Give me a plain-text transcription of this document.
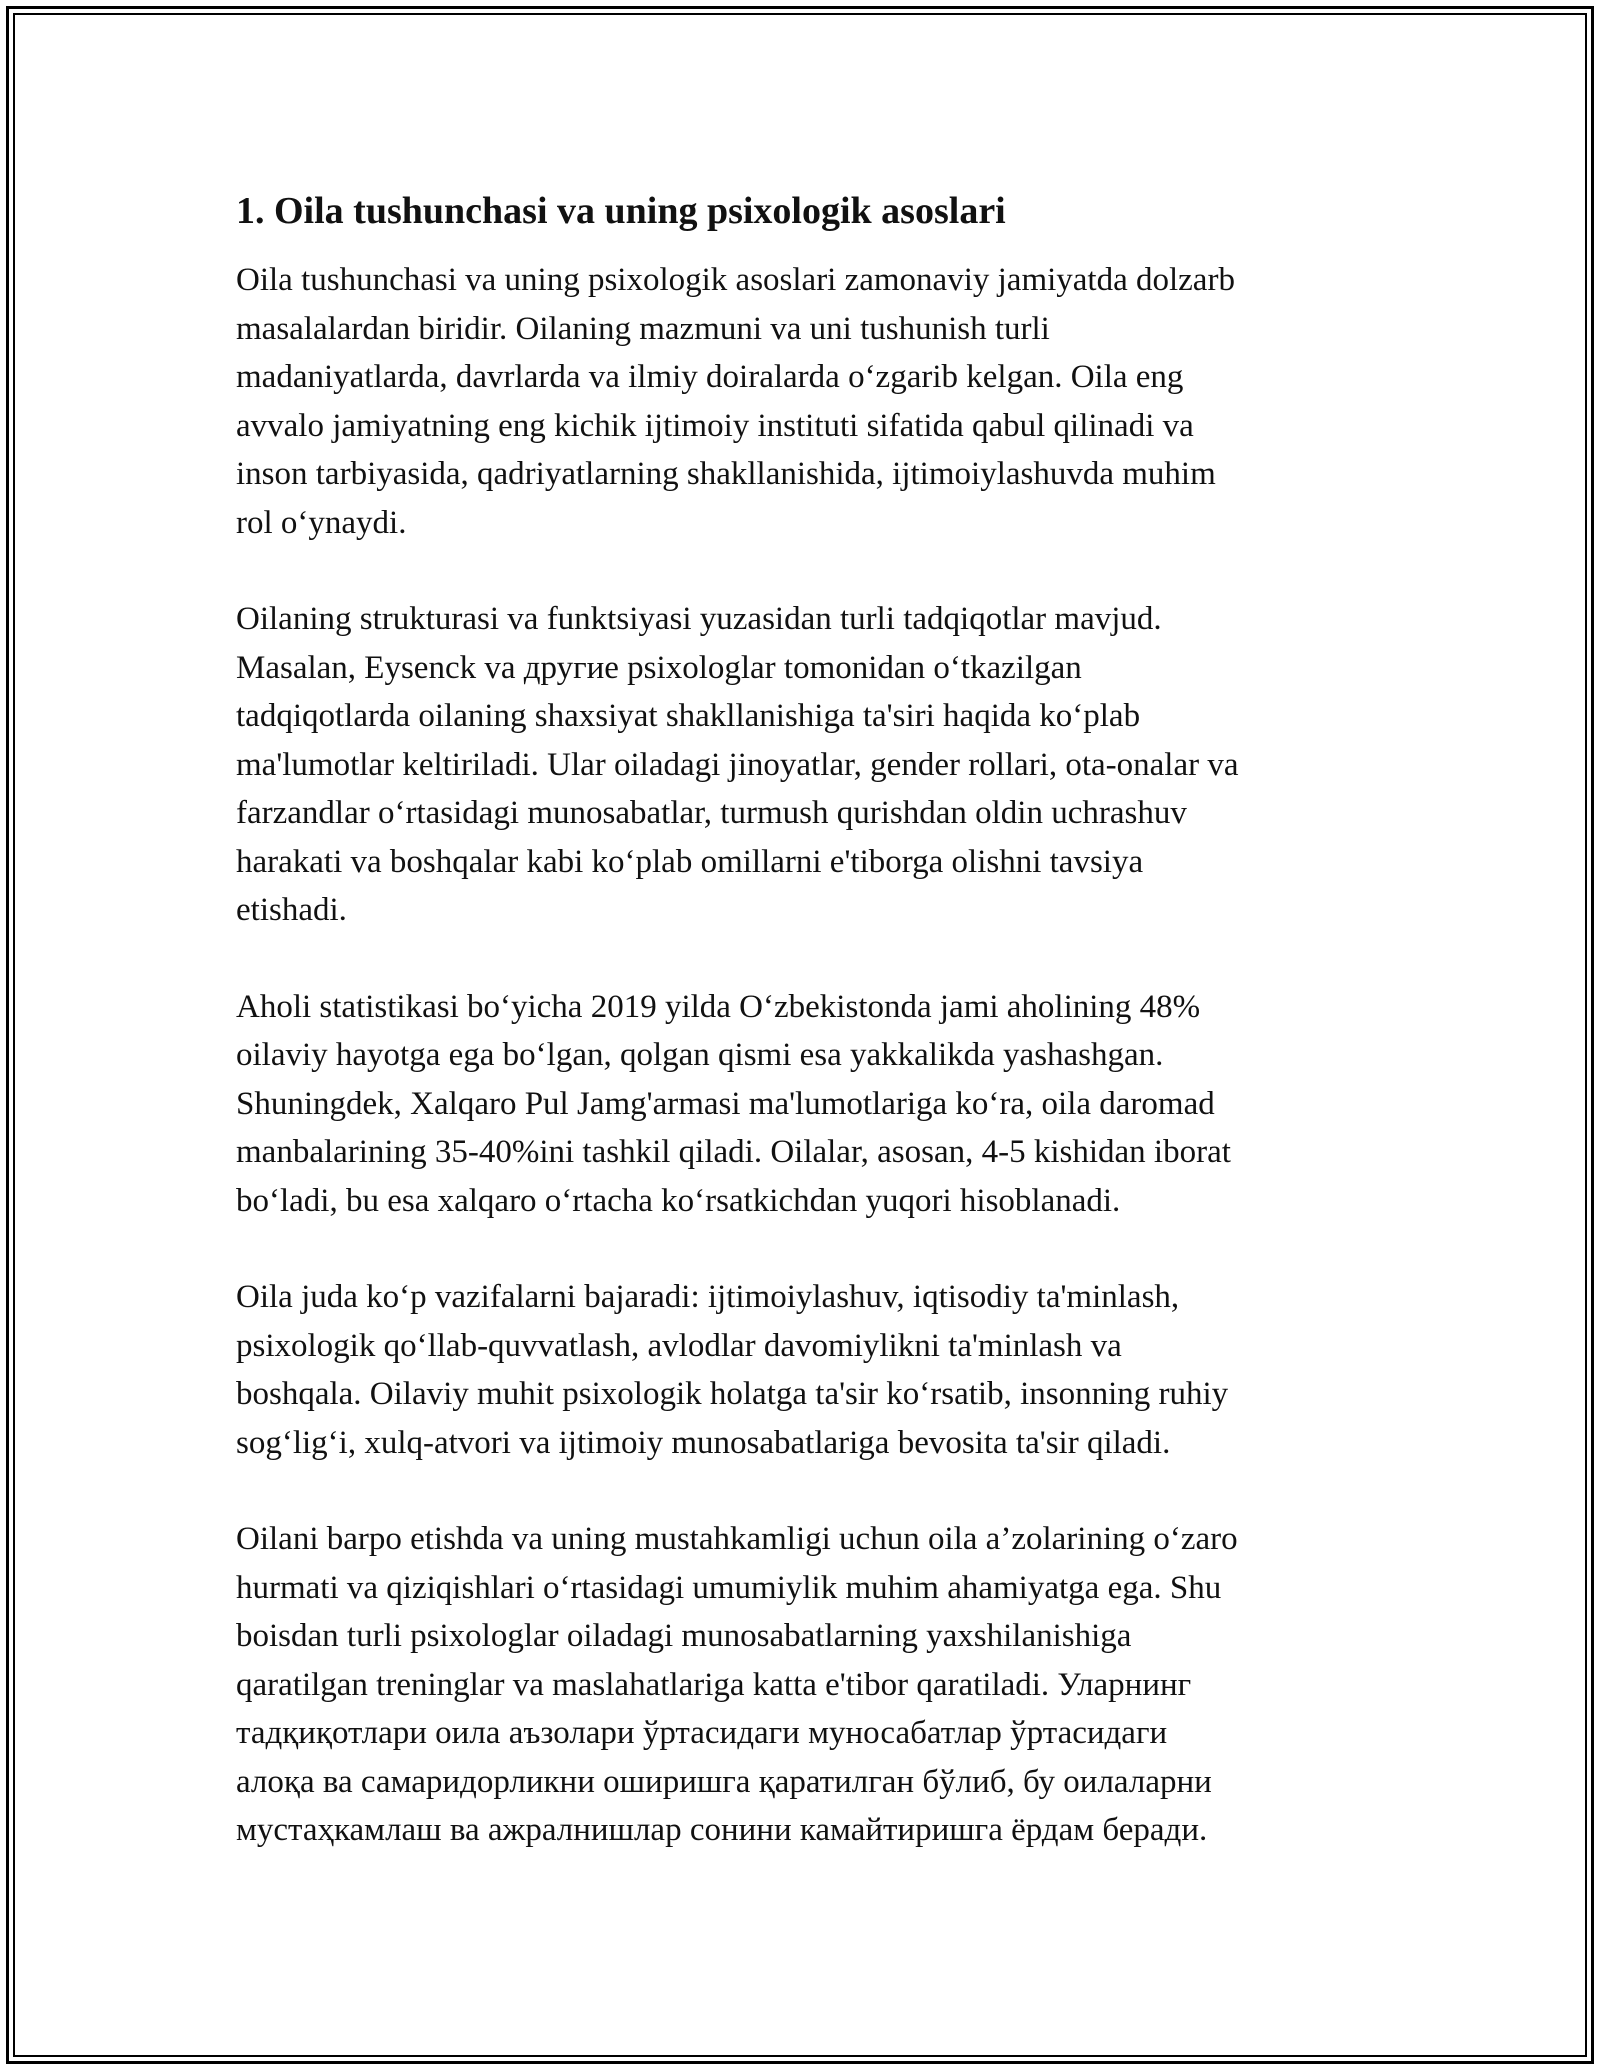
1. Oila tushunchasi va uning psixologik asoslari

Oila tushunchasi va uning psixologik asoslari zamonaviy jamiyatda dolzarb
masalalardan biridir. Oilaning mazmuni va uni tushunish turli
madaniyatlarda, davrlarda va ilmiy doiralarda oʻzgarib kelgan. Oila eng
avvalo jamiyatning eng kichik ijtimoiy instituti sifatida qabul qilinadi va
inson tarbiyasida, qadriyatlarning shakllanishida, ijtimoiylashuvda muhim
rol oʻynaydi.

Oilaning strukturasi va funktsiyasi yuzasidan turli tadqiqotlar mavjud.
Masalan, Eysenck va другие psixologlar tomonidan oʻtkazilgan
tadqiqotlarda oilaning shaxsiyat shakllanishiga ta'siri haqida koʻplab
ma'lumotlar keltiriladi. Ular oiladagi jinoyatlar, gender rollari, ota-onalar va
farzandlar oʻrtasidagi munosabatlar, turmush qurishdan oldin uchrashuv
harakati va boshqalar kabi koʻplab omillarni e'tiborga olishni tavsiya
etishadi.

Aholi statistikasi boʻyicha 2019 yilda Oʻzbekistonda jami aholining 48%
oilaviy hayotga ega boʻlgan, qolgan qismi esa yakkalikda yashashgan.
Shuningdek, Xalqaro Pul Jamg'armasi ma'lumotlariga koʻra, oila daromad
manbalarining 35-40%ini tashkil qiladi. Oilalar, asosan, 4-5 kishidan iborat
boʻladi, bu esa xalqaro oʻrtacha koʻrsatkichdan yuqori hisoblanadi.

Oila juda koʻp vazifalarni bajaradi: ijtimoiylashuv, iqtisodiy ta'minlash,
psixologik qoʻllab-quvvatlash, avlodlar davomiylikni ta'minlash va
boshqala. Oilaviy muhit psixologik holatga ta'sir koʻrsatib, insonning ruhiy
sogʻligʻi, xulq-atvori va ijtimoiy munosabatlariga bevosita ta'sir qiladi.

Oilani barpo etishda va uning mustahkamligi uchun oila a’zolarining oʻzaro
hurmati va qiziqishlari oʻrtasidagi umumiylik muhim ahamiyatga ega. Shu
boisdan turli psixologlar oiladagi munosabatlarning yaxshilanishiga
qaratilgan treninglar va maslahatlariga katta e'tibor qaratiladi. Уларнинг
тадқиқотлари оила аъзолари ўртасидаги муносабатлар ўртасидаги
алоқа ва самаридорликни оширишга қаратилган бўлиб, бу оилаларни
мустаҳкамлаш ва ажралнишлар сонини камайтиришга ёрдам беради.
